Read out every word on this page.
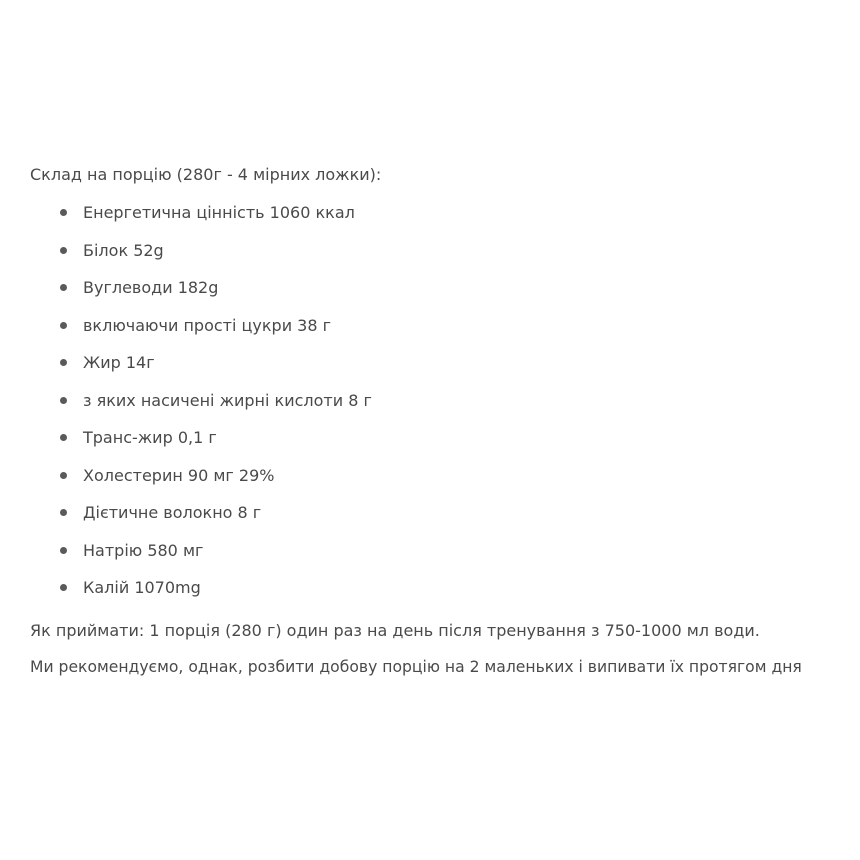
Склад на порцію (280г - 4 мірних ложки):

Енергетична цінність 1060 ккал
Білок 52g
Вуглеводи 182g
включаючи прості цукри 38 г
Жир 14г
з яких насичені жирні кислоти 8 г
Транс-жир 0,1 г
Холестерин 90 мг 29%
Дієтичне волокно 8 г
Натрію 580 мг
Калій 1070mg

Як приймати: 1 порція (280 г) один раз на день після тренування з 750-1000 мл води.

Ми рекомендуємо, однак, розбити добову порцію на 2 маленьких і випивати їх протягом дня
